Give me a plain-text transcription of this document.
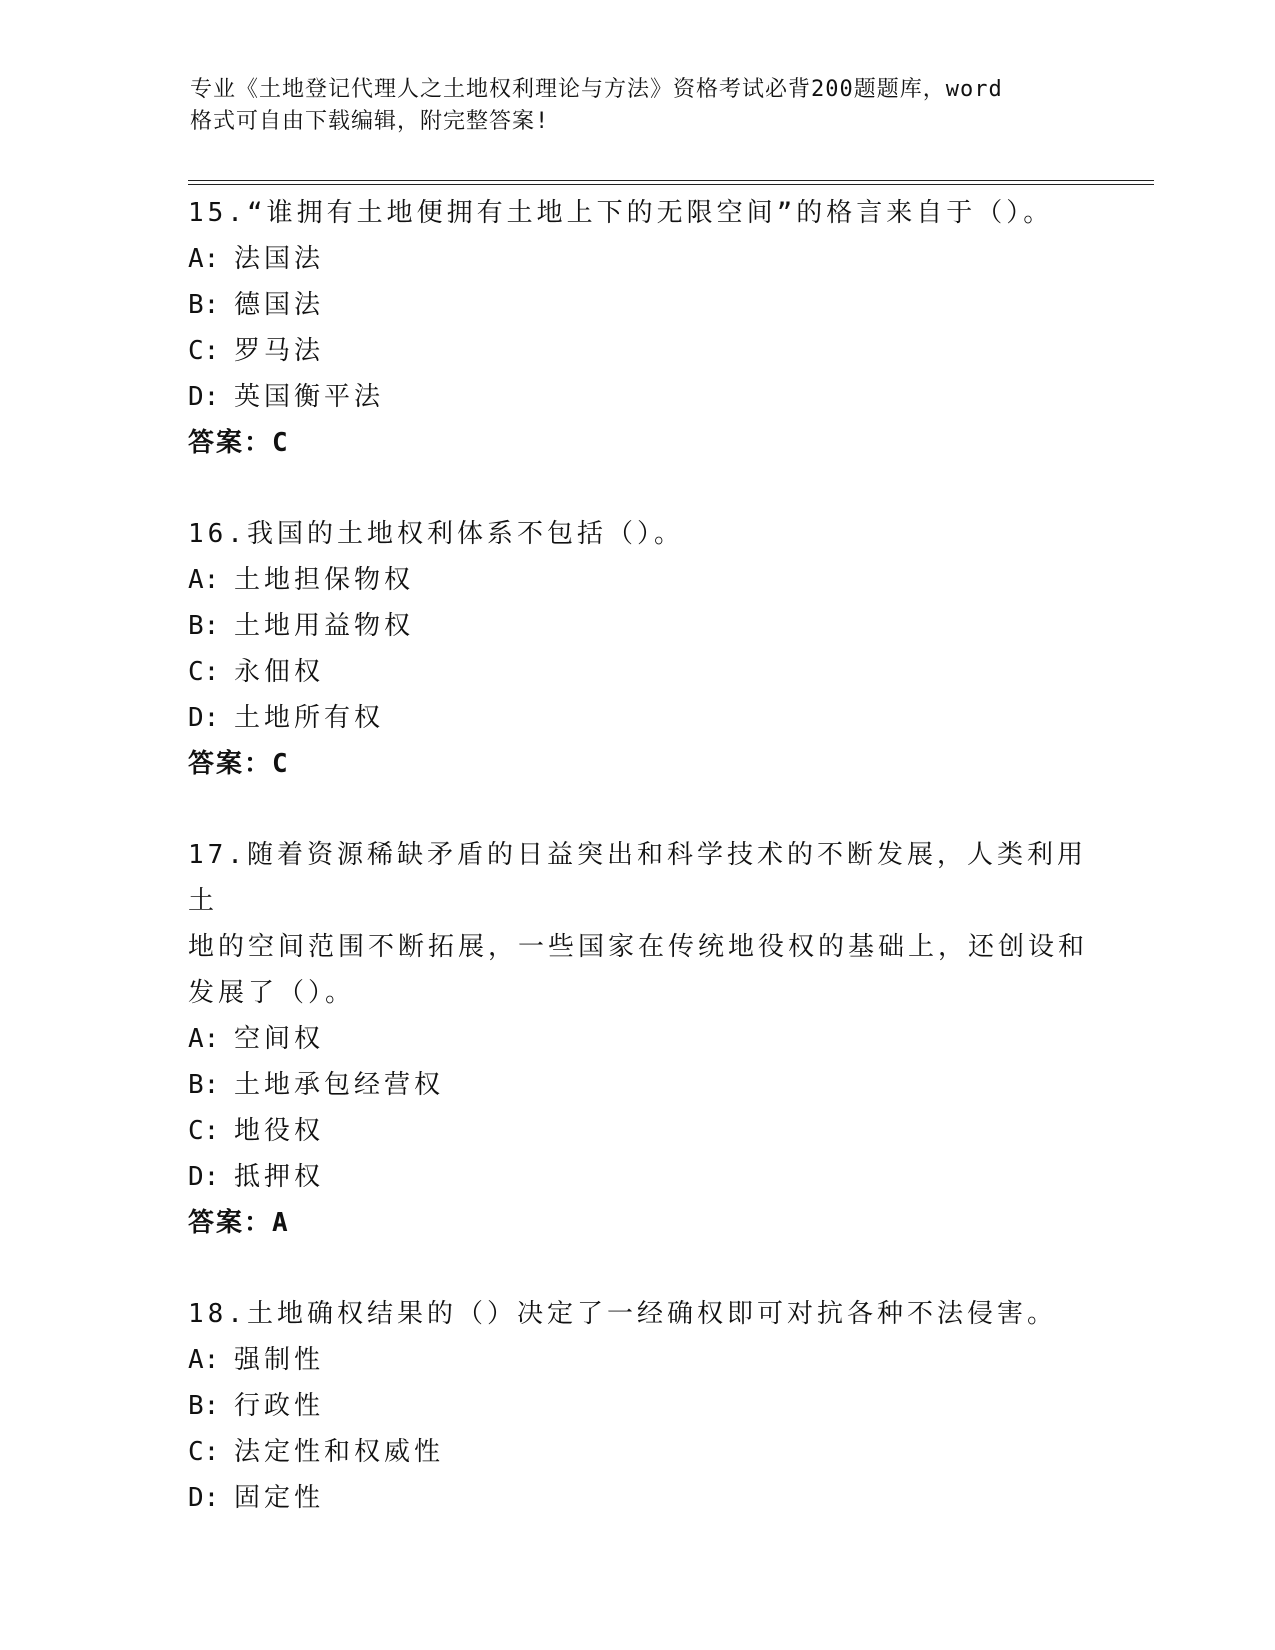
专业《土地登记代理人之土地权利理论与方法》资格考试必背200题题库，word
格式可自由下载编辑，附完整答案!

15.“谁拥有土地便拥有土地上下的无限空间”的格言来自于（）。

A: 法国法

B: 德国法

C: 罗马法

D: 英国衡平法

答案：C

16.我国的土地权利体系不包括（）。

A: 土地担保物权

B: 土地用益物权

C: 永佃权

D: 土地所有权

答案：C

17.随着资源稀缺矛盾的日益突出和科学技术的不断发展，人类利用土

地的空间范围不断拓展，一些国家在传统地役权的基础上，还创设和

发展了（）。

A: 空间权

B: 土地承包经营权

C: 地役权

D: 抵押权

答案：A

18.土地确权结果的（）决定了一经确权即可对抗各种不法侵害。

A: 强制性

B: 行政性

C: 法定性和权威性

D: 固定性
